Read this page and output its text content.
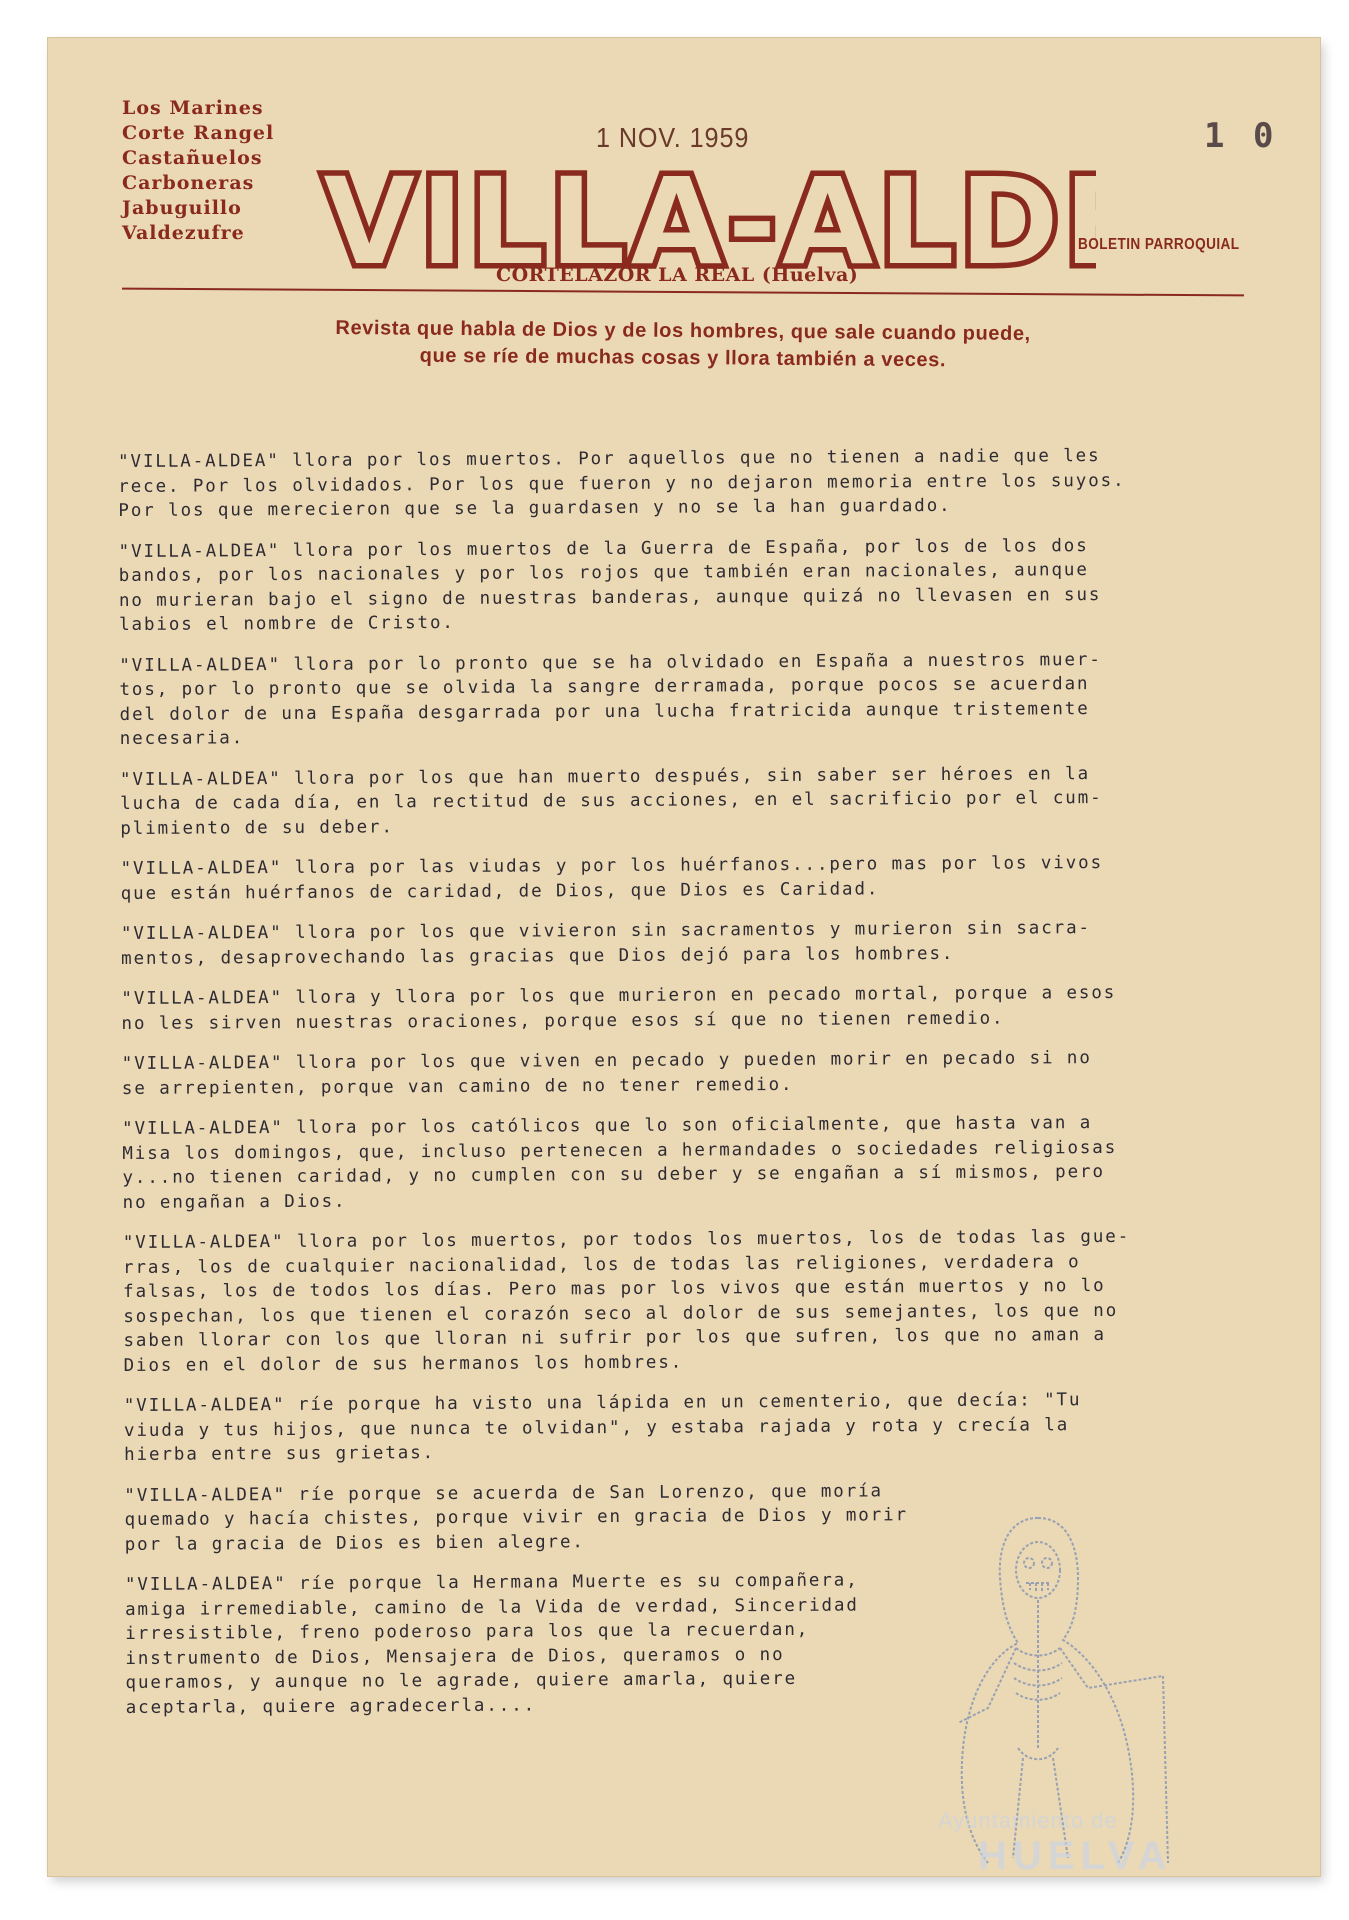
Los Marines
Corte Rangel
Castañuelos
Carboneras
Jabuguillo
Valdezufre
1 NOV. 1959	1 0
VILLA-ALD
VILLA-ALD BOLETIN PARROQUIAL
CORTELAZOR LA REAL (Huelva)
Revista que habla de Dios y de los hombres, que sale cuando puede,
que se ríe de muchas cosas y llora también a veces.

"VILLA-ALDEA" llora por los muertos. Por aquellos que no tienen a nadie que les
rece. Por los olvidados. Por los que fueron y no dejaron memoria entre los suyos.
Por los que merecieron que se la guardasen y no se la han guardado.

"VILLA-ALDEA" llora por los muertos de la Guerra de España, por los de los dos
bandos, por los nacionales y por los rojos que también eran nacionales, aunque
no murieran bajo el signo de nuestras banderas, aunque quizá no llevasen en sus
labios el nombre de Cristo.

"VILLA-ALDEA" llora por lo pronto que se ha olvidado en España a nuestros muer-
tos, por lo pronto que se olvida la sangre derramada, porque pocos se acuerdan
del dolor de una España desgarrada por una lucha fratricida aunque tristemente
necesaria.

"VILLA-ALDEA" llora por los que han muerto después, sin saber ser héroes en la
lucha de cada día, en la rectitud de sus acciones, en el sacrificio por el cum-
plimiento de su deber.

"VILLA-ALDEA" llora por las viudas y por los huérfanos...pero mas por los vivos
que están huérfanos de caridad, de Dios, que Dios es Caridad.

"VILLA-ALDEA" llora por los que vivieron sin sacramentos y murieron sin sacra-
mentos, desaprovechando las gracias que Dios dejó para los hombres.

"VILLA-ALDEA" llora y llora por los que murieron en pecado mortal, porque a esos
no les sirven nuestras oraciones, porque esos sí que no tienen remedio.

"VILLA-ALDEA" llora por los que viven en pecado y pueden morir en pecado si no
se arrepienten, porque van camino de no tener remedio.

"VILLA-ALDEA" llora por los católicos que lo son oficialmente, que hasta van a
Misa los domingos, que, incluso pertenecen a hermandades o sociedades religiosas
y...no tienen caridad, y no cumplen con su deber y se engañan a sí mismos, pero
no engañan a Dios.

"VILLA-ALDEA" llora por los muertos, por todos los muertos, los de todas las gue-
rras, los de cualquier nacionalidad, los de todas las religiones, verdadera o
falsas, los de todos los días. Pero mas por los vivos que están muertos y no lo
sospechan, los que tienen el corazón seco al dolor de sus semejantes, los que no
saben llorar con los que lloran ni sufrir por los que sufren, los que no aman a
Dios en el dolor de sus hermanos los hombres.

"VILLA-ALDEA" ríe porque ha visto una lápida en un cementerio, que decía: "Tu
viuda y tus hijos, que nunca te olvidan", y estaba rajada y rota y crecía la
hierba entre sus grietas.

"VILLA-ALDEA" ríe porque se acuerda de San Lorenzo, que moría
quemado y hacía chistes, porque vivir en gracia de Dios y morir
por la gracia de Dios es bien alegre.

"VILLA-ALDEA" ríe porque la Hermana Muerte es su compañera,
amiga irremediable, camino de la Vida de verdad, Sinceridad
irresistible, freno poderoso para los que la recuerdan,
instrumento de Dios, Mensajera de Dios, queramos o no
queramos, y aunque no le agrade, quiere amarla, quiere
aceptarla, quiere agradecerla....

Ayuntamiento de
HUELVA
